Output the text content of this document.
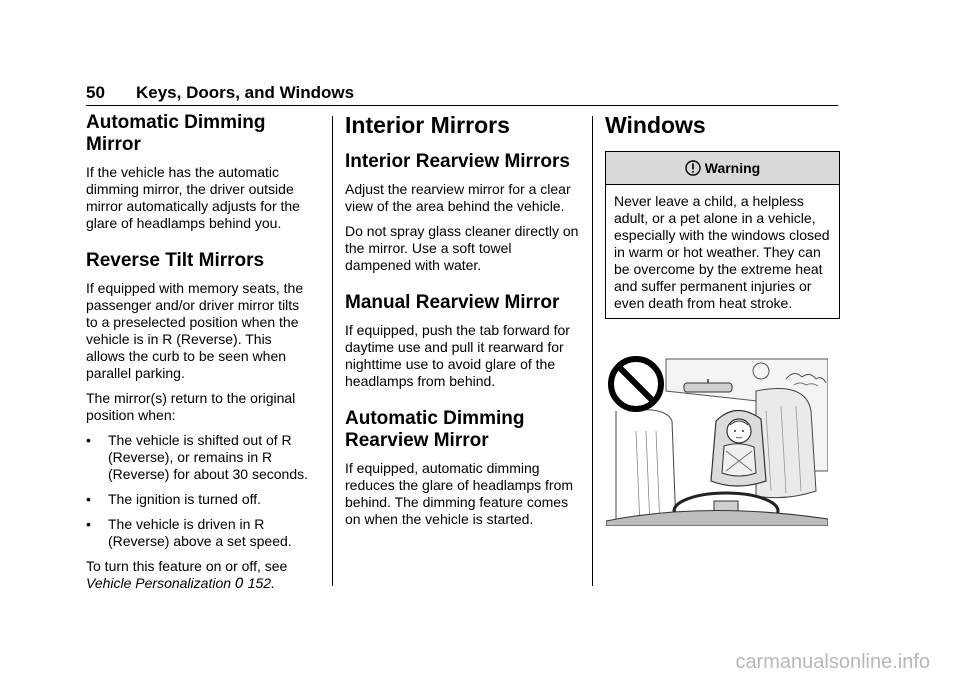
50 Keys, Doors, and Windows
Automatic Dimming Mirror

If the vehicle has the automatic dimming mirror, the driver outside mirror automatically adjusts for the glare of headlamps behind you.

Reverse Tilt Mirrors

If equipped with memory seats, the passenger and/or driver mirror tilts to a preselected position when the vehicle is in R (Reverse). This allows the curb to be seen when parallel parking.

The mirror(s) return to the original position when:

• The vehicle is shifted out of R (Reverse), or remains in R (Reverse) for about 30 seconds.
• The ignition is turned off.
• The vehicle is driven in R (Reverse) above a set speed.

To turn this feature on or off, see Vehicle Personalization 0 152.

Interior Mirrors
Interior Rearview Mirrors

Adjust the rearview mirror for a clear view of the area behind the vehicle.

Do not spray glass cleaner directly on the mirror. Use a soft towel dampened with water.

Manual Rearview Mirror

If equipped, push the tab forward for daytime use and pull it rearward for nighttime use to avoid glare of the headlamps from behind.

Automatic Dimming Rearview Mirror

If equipped, automatic dimming reduces the glare of headlamps from behind. The dimming feature comes on when the vehicle is started.

Windows
Warning
Never leave a child, a helpless adult, or a pet alone in a vehicle, especially with the windows closed in warm or hot weather. They can be overcome by the extreme heat and suffer permanent injuries or even death from heat stroke.
carmanualsonline.info
